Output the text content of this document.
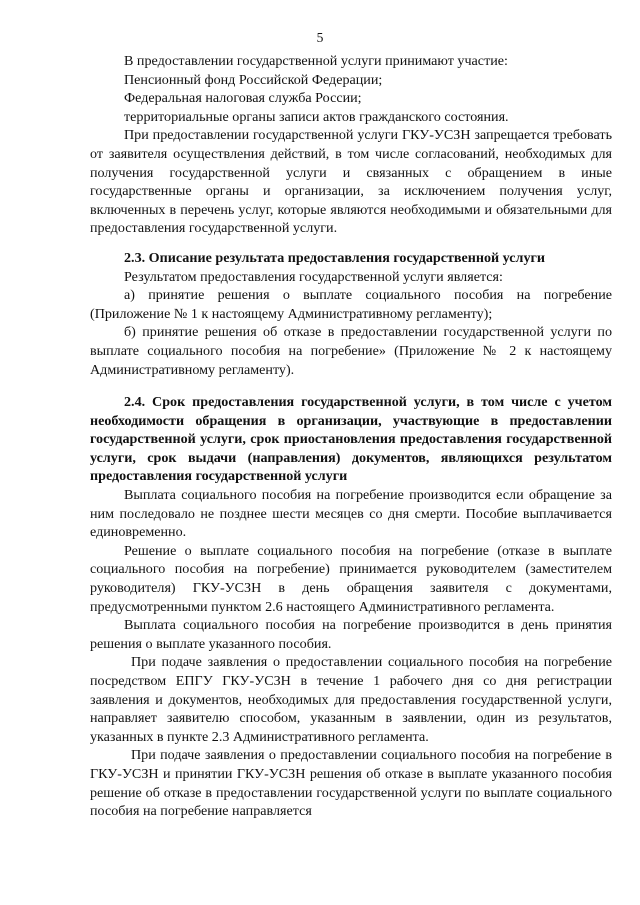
5

В предоставлении государственной услуги принимают участие:

Пенсионный фонд Российской Федерации;

Федеральная налоговая служба России;

территориальные органы записи актов гражданского состояния.

При предоставлении государственной услуги ГКУ-УСЗН запрещается требовать от заявителя осуществления действий, в том числе согласований, необходимых для получения государственной услуги и связанных с обращением в иные государственные органы и организации, за исключением получения услуг, включенных в перечень услуг, которые являются необходимыми и обязательными для предоставления государственной услуги.

2.3. Описание результата предоставления государственной услуги

Результатом предоставления государственной услуги является:

а) принятие решения о выплате социального пособия на погребение (Приложение № 1 к настоящему Административному регламенту);

б) принятие решения об отказе в предоставлении государственной услуги по выплате социального пособия на погребение» (Приложение № 2 к настоящему Административному регламенту).

2.4. Срок предоставления государственной услуги, в том числе с учетом необходимости обращения в организации, участвующие в предоставлении государственной услуги, срок приостановления предоставления государственной услуги, срок выдачи (направления) документов, являющихся результатом предоставления государственной услуги

Выплата социального пособия на погребение производится если обращение за ним последовало не позднее шести месяцев со дня смерти. Пособие выплачивается единовременно.

Решение о выплате социального пособия на погребение (отказе в выплате социального пособия на погребение) принимается руководителем (заместителем руководителя) ГКУ-УСЗН в день обращения заявителя с документами, предусмотренными пунктом 2.6 настоящего Административного регламента.

Выплата социального пособия на погребение производится в день принятия решения о выплате указанного пособия.

При подаче заявления о предоставлении социального пособия на погребение посредством ЕПГУ ГКУ-УСЗН в течение 1 рабочего дня со дня регистрации заявления и документов, необходимых для предоставления государственной услуги, направляет заявителю способом, указанным в заявлении, один из результатов, указанных в пункте 2.3 Административного регламента.

При подаче заявления о предоставлении социального пособия на погребение в ГКУ-УСЗН и принятии ГКУ-УСЗН решения об отказе в выплате указанного пособия решение об отказе в предоставлении государственной услуги по выплате социального пособия на погребение направляется
